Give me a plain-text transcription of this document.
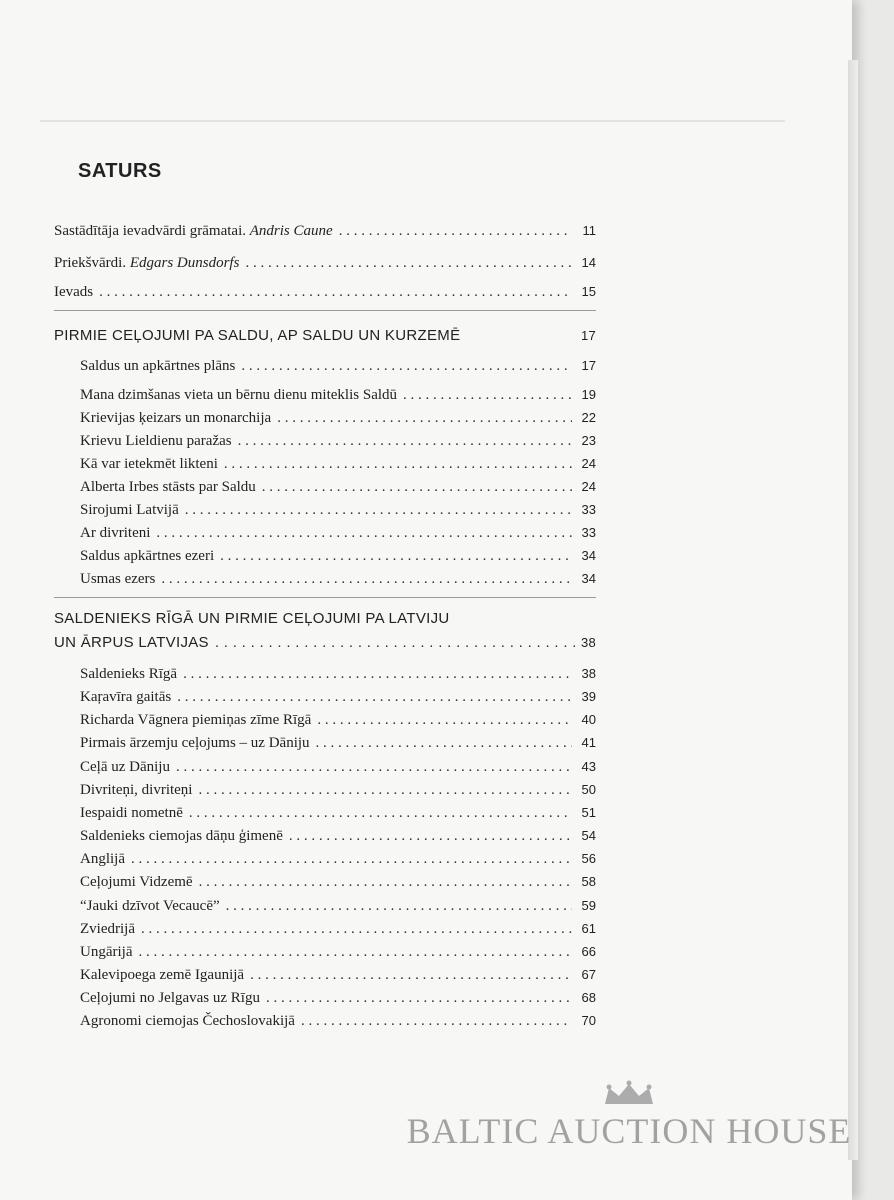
SATURS
Sastādītāja ievadvārdi grāmatai. Andris Caune . . .	11
Priekšvārdi. Edgars Dunsdorfs . . .	14
Ievads . . .	15
PIRMIE CEĻOJUMI PA SALDU, AP SALDU UN KURZEMĒ	17
Saldus un apkārtnes plāns . . .	17
Mana dzimšanas vieta un bērnu dienu miteklis Saldū . . .	19
Krievijas ķeizars un monarchija . . .	22
Krievu Lieldienu paražas . . .	23
Kā var ietekmēt likteni . . .	24
Alberta Irbes stāsts par Saldu . . .	24
Sirojumi Latvijā . . .	33
Ar divriteni . . .	33
Saldus apkārtnes ezeri . . .	34
Usmas ezers . . .	34
SALDENIEKS RĪGĀ UN PIRMIE CEĻOJUMI PA LATVIJU
UN ĀRPUS LATVIJAS . . .	38
Saldenieks Rīgā . . .	38
Kaŗavīra gaitās . . .	39
Richarda Vāgnera piemiņas zīme Rīgā . . .	40
Pirmais ārzemju ceļojums – uz Dāniju . . .	41
Ceļā uz Dāniju . . .	43
Divriteņi, divriteņi . . .	50
Iespaidi nometnē . . .	51
Saldenieks ciemojas dāņu ģimenē . . .	54
Anglijā . . .	56
Ceļojumi Vidzemē . . .	58
“Jauki dzīvot Vecaucē” . . .	59
Zviedrijā . . .	61
Ungārijā . . .	66
Kalevipoega zemē Igaunijā . . .	67
Ceļojumi no Jelgavas uz Rīgu . . .	68
Agronomi ciemojas Čechoslovakijā . . .	70
BALTIC AUCTION HOUSE
